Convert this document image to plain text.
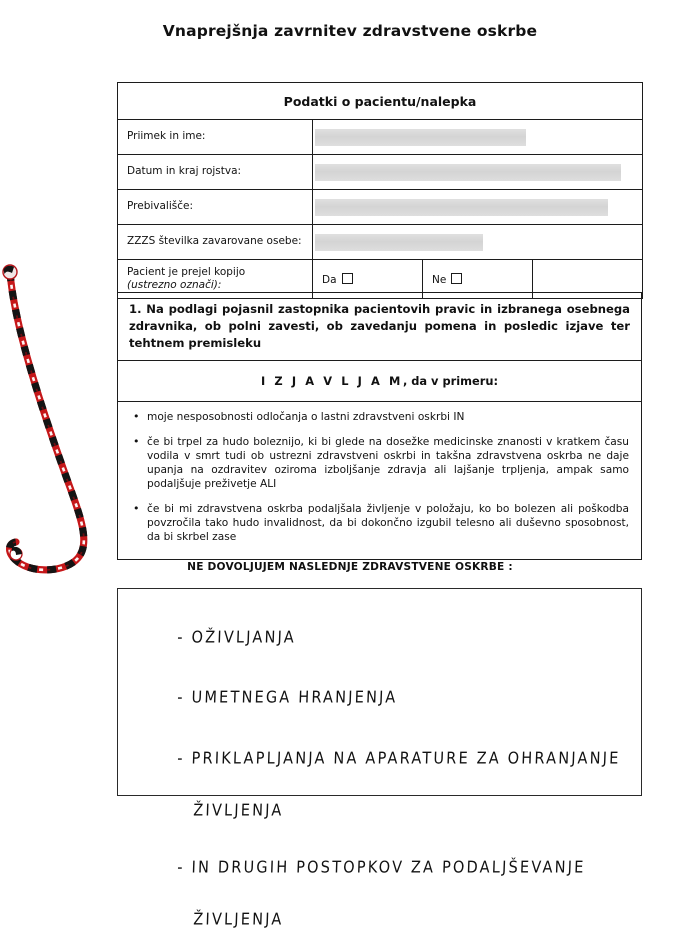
Vnaprejšnja zavrnitev zdravstvene oskrbe
Podatki o pacientu/nalepka			
Priimek in ime:			

Datum in kraj rojstva:			

Prebivališče:			

ZZZS številka zavarovane osebe:			

Pacient je prejel kopijo
(ustrezno označi):	Da	Ne	
1. Na podlagi pojasnil zastopnika pacientovih pravic in izbranega osebnega zdravnika, ob polni zavesti, ob zavedanju pomena in posledic izjave ter tehtnem premisleku
I Z J A V L J A M, da v primeru:
• moje nesposobnosti odločanja o lastni zdravstveni oskrbi IN
• če bi trpel za hudo boleznijo, ki bi glede na dosežke medicinske znanosti v kratkem času vodila v smrt tudi ob ustrezni zdravstveni oskrbi in takšna zdravstvena oskrba ne daje upanja na ozdravitev oziroma izboljšanje zdravja ali lajšanje trpljenja, ampak samo podaljšuje preživetje ALI
• če bi mi zdravstvena oskrba podaljšala življenje v položaju, ko bo bolezen ali poškodba povzročila tako hudo invalidnost, da bi dokončno izgubil telesno ali duševno sposobnost, da bi skrbel zase
NE DOVOLJUJEM NASLEDNJE ZDRAVSTVENE OSKRBE :

- OŽIVLJANJA

- UMETNEGA HRANJENJA

- PRIKLAPLJANJA NA APARATURE ZA OHRANJANJE

ŽIVLJENJA

- IN DRUGIH POSTOPKOV ZA PODALJŠEVANJE

ŽIVLJENJA
